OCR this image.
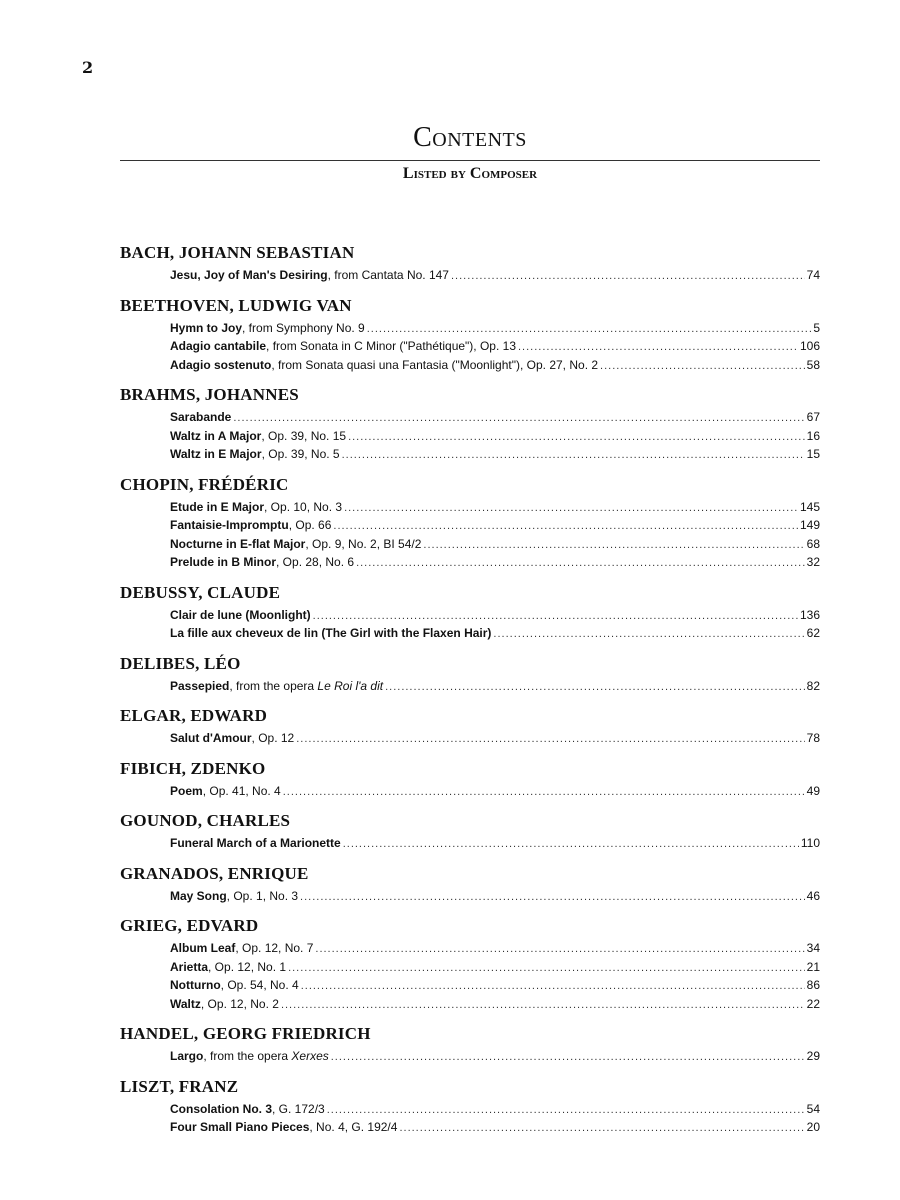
2
Contents
Listed by Composer
BACH, JOHANN SEBASTIAN
Jesu, Joy of Man's Desiring , from Cantata No. 147 .....	74
BEETHOVEN, LUDWIG VAN
Hymn to Joy , from Symphony No. 9 .....	5
Adagio cantabile , from Sonata in C Minor ("Pathétique"), Op. 13 .....	106
Adagio sostenuto , from Sonata quasi una Fantasia ("Moonlight"), Op. 27, No. 2 .....	58
BRAHMS, JOHANNES
Sarabande .....	67
Waltz in A Major , Op. 39, No. 15 .....	16
Waltz in E Major , Op. 39, No. 5 .....	15
CHOPIN, FRÉDÉRIC
Etude in E Major , Op. 10, No. 3 .....	145
Fantaisie-Impromptu , Op. 66 .....	149
Nocturne in E-flat Major , Op. 9, No. 2, BI 54/2 .....	68
Prelude in B Minor , Op. 28, No. 6 .....	32
DEBUSSY, CLAUDE
Clair de lune (Moonlight) .....	136
La fille aux cheveux de lin (The Girl with the Flaxen Hair) .....	62
DELIBES, LÉO
Passepied , from the opera Le Roi l'a dit .....	82
ELGAR, EDWARD
Salut d'Amour , Op. 12 .....	78
FIBICH, ZDENKO
Poem , Op. 41, No. 4 .....	49
GOUNOD, CHARLES
Funeral March of a Marionette .....	110
GRANADOS, ENRIQUE
May Song , Op. 1, No. 3 .....	46
GRIEG, EDVARD
Album Leaf , Op. 12, No. 7 .....	34
Arietta , Op. 12, No. 1 .....	21
Notturno , Op. 54, No. 4 .....	86
Waltz , Op. 12, No. 2 .....	22
HANDEL, GEORG FRIEDRICH
Largo , from the opera Xerxes .....	29
LISZT, FRANZ
Consolation No. 3 , G. 172/3 .....	54
Four Small Piano Pieces , No. 4, G. 192/4 .....	20
